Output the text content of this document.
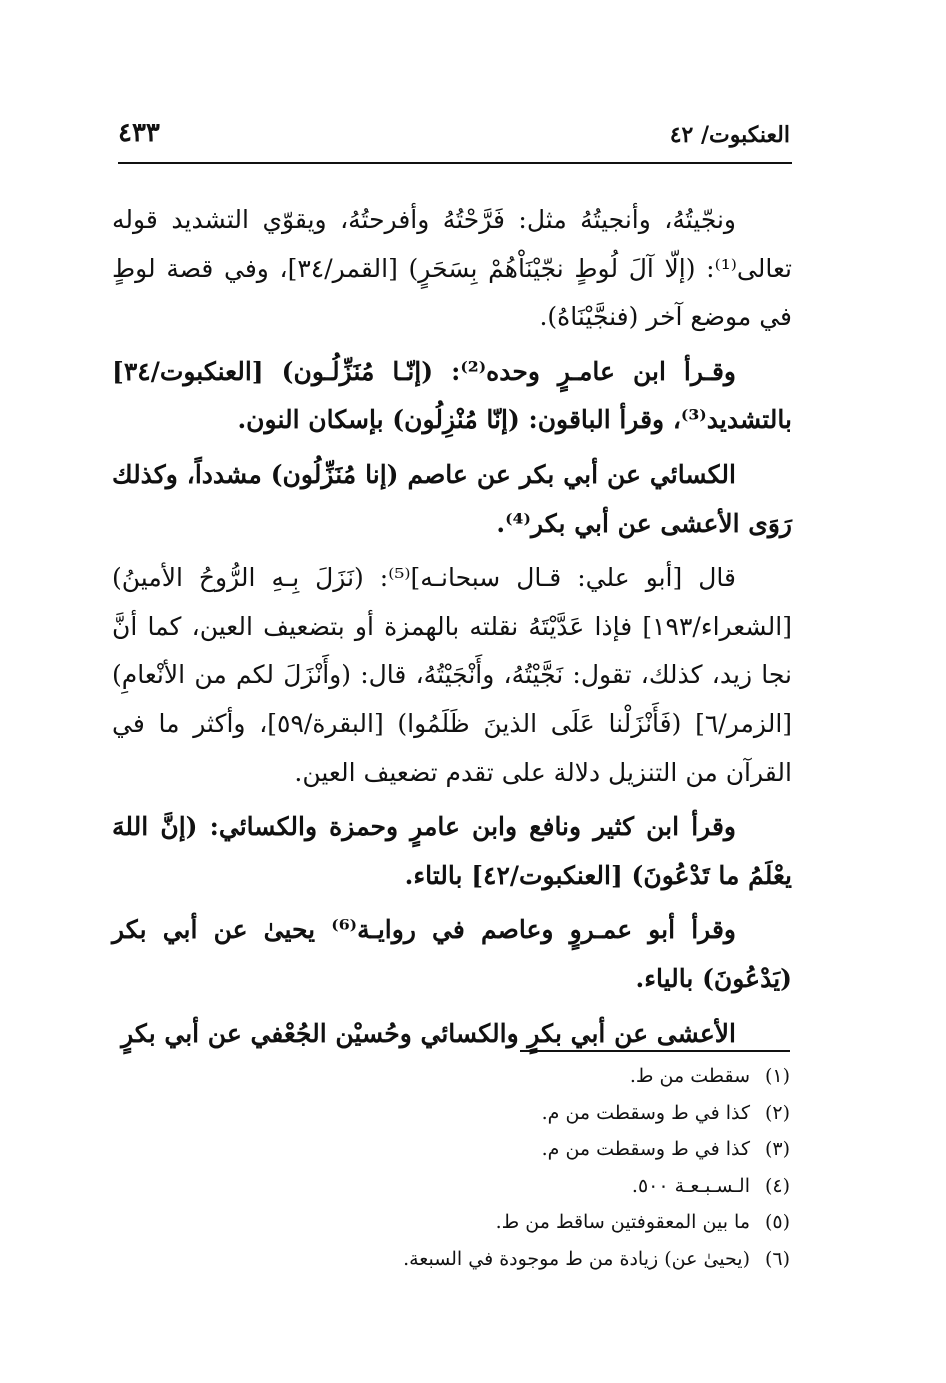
العنكبوت/ ٤٢
٤٣٣

ونجّيتُهُ، وأنجيتُهُ مثل: فَرَّحْتُهُ وأفرحتُهُ، ويقوّي التشديد قوله تعالى⁽¹⁾: (إلّا آلَ لُوطٍ نجّيْنَاْهُمْ بِسَحَرٍ) [القمر/٣٤]، وفي قصة لوطٍ في موضع آخر (فنجَّيْنَاهُ).

وقـرأ ابن عامـرٍ وحده⁽²⁾: (إنّـا مُنَزِّلُـون) [العنكبوت/٣٤] بالتشديد⁽³⁾، وقرأ الباقون: (إنّا مُنْزِلُون) بإسكان النون.

الكسائي عن أبي بكر عن عاصم (إنا مُنَزِّلُون) مشدداً، وكذلك رَوَى الأعشى عن أبي بكر⁽⁴⁾.

قال [أبو علي: قـال سبحانـه]⁽⁵⁾: (نَزَلَ بِـهِ الرُّوحُ الأمينُ) [الشعراء/١٩٣] فإذا عَدَّيْتَهُ نقلته بالهمزة أو بتضعيف العين، كما أنَّ نجا زيد، كذلك، تقول: نَجَّيْتُهُ، وأَنْجَيْتُهُ، قال: (وأَنْزَلَ لكم من الأنْعامِ) [الزمر/٦] (فَأَنْزَلْنا عَلَى الذينَ ظَلَمُوا) [البقرة/٥٩]، وأكثر ما في القرآن من التنزيل دلالة على تقدم تضعيف العين.

وقرأ ابن كثير ونافع وابن عامرٍ وحمزة والكسائي: (إنَّ اللهَ يعْلَمُ ما تَدْعُونَ) [العنكبوت/٤٢] بالتاء.

وقرأ أبو عمـروٍ وعاصم في روايـة⁽⁶⁾ يحيىٰ عن أبي بكر (يَدْعُونَ) بالياء.

الأعشى عن أبي بكرٍ والكسائي وحُسيْن الجُعْفي عن أبي بكرٍ

(١)سقطت من ط.

(٢)كذا في ط وسقطت من م.

(٣)كذا في ط وسقطت من م.

(٤)الـسـبـعـة ٥٠٠.

(٥)ما بين المعقوفتين ساقط من ط.

(٦)(يحيىٰ عن) زيادة من ط موجودة في السبعة.
